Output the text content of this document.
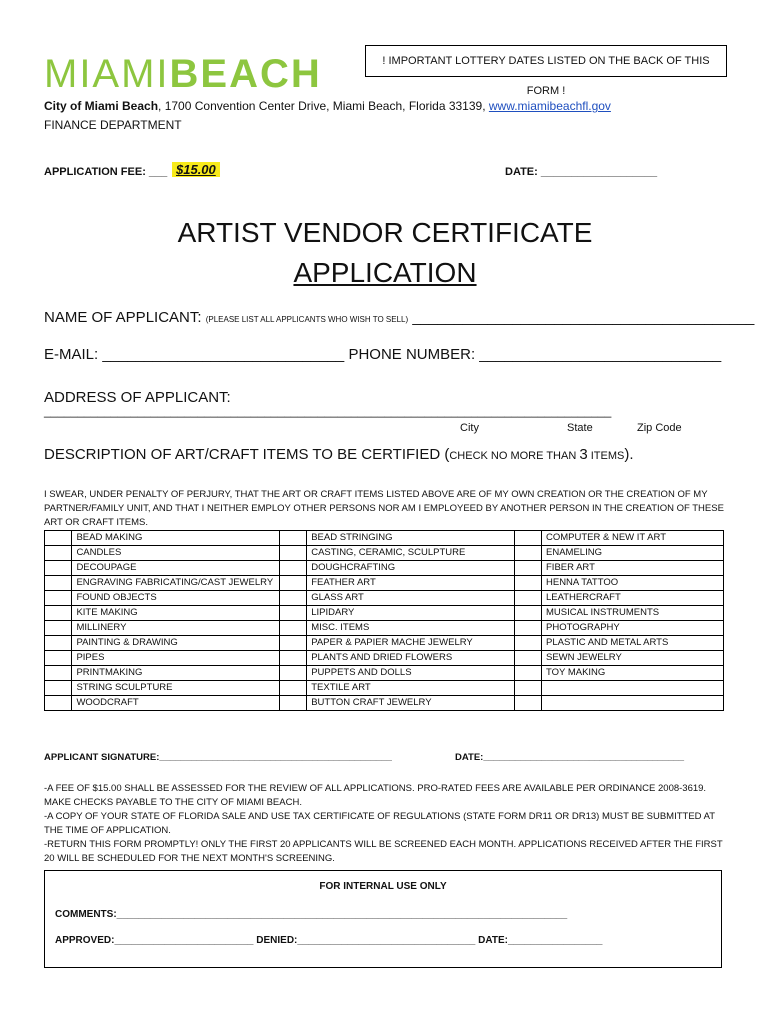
MIAMIBEACH	! IMPORTANT LOTTERY DATES LISTED ON THE BACK OF THIS FORM !
City of Miami Beach, 1700 Convention Center Drive, Miami Beach, Florida 33139, www.miamibeachfl.gov
FINANCE DEPARTMENT
APPLICATION FEE: ___ $15.00	DATE: ___________________
ARTIST VENDOR CERTIFICATE
APPLICATION
NAME OF APPLICANT: (PLEASE LIST ALL APPLICANTS WHO WISH TO SELL) _________________________________________
E-MAIL: _____________________________ PHONE NUMBER: _____________________________
ADDRESS OF APPLICANT:
_____________________________________________________________________________________
City	State	Zip Code
DESCRIPTION OF ART/CRAFT ITEMS TO BE CERTIFIED (CHECK NO MORE THAN 3 ITEMS).
I SWEAR, UNDER PENALTY OF PERJURY, THAT THE ART OR CRAFT ITEMS LISTED ABOVE ARE OF MY OWN CREATION OR THE CREATION OF MY PARTNER/FAMILY UNIT, AND THAT I NEITHER EMPLOY OTHER PERSONS NOR AM I EMPLOYEED BY ANOTHER PERSON IN THE CREATION OF THESE ART OR CRAFT ITEMS.
	BEAD MAKING		BEAD STRINGING		COMPUTER & NEW IT ART
	CANDLES		CASTING, CERAMIC, SCULPTURE		ENAMELING
	DECOUPAGE		DOUGHCRAFTING		FIBER ART
	ENGRAVING FABRICATING/CAST JEWELRY		FEATHER ART		HENNA TATTOO
	FOUND OBJECTS		GLASS ART		LEATHERCRAFT
	KITE MAKING		LIPIDARY		MUSICAL INSTRUMENTS
	MILLINERY		MISC. ITEMS		PHOTOGRAPHY
	PAINTING & DRAWING		PAPER & PAPIER MACHE JEWELRY		PLASTIC AND METAL ARTS
	PIPES		PLANTS AND DRIED FLOWERS		SEWN JEWELRY
	PRINTMAKING		PUPPETS AND DOLLS		TOY MAKING
	STRING SCULPTURE		TEXTILE ART		
	WOODCRAFT		BUTTON CRAFT JEWELRY		
APPLICANT SIGNATURE:____________________________________________	DATE:______________________________________
-A FEE OF $15.00 SHALL BE ASSESSED FOR THE REVIEW OF ALL APPLICATIONS. PRO-RATED FEES ARE AVAILABLE PER ORDINANCE 2008-3619. MAKE CHECKS PAYABLE TO THE CITY OF MIAMI BEACH.
-A COPY OF YOUR STATE OF FLORIDA SALE AND USE TAX CERTIFICATE OF REGULATIONS (STATE FORM DR11 OR DR13) MUST BE SUBMITTED AT THE TIME OF APPLICATION.
-RETURN THIS FORM PROMPTLY! ONLY THE FIRST 20 APPLICANTS WILL BE SCREENED EACH MONTH. APPLICATIONS RECEIVED AFTER THE FIRST 20 WILL BE SCHEDULED FOR THE NEXT MONTH'S SCREENING.
FOR INTERNAL USE ONLY
COMMENTS:_________________________________________________________________________________
APPROVED:_________________________ DENIED:________________________________ DATE:_________________
